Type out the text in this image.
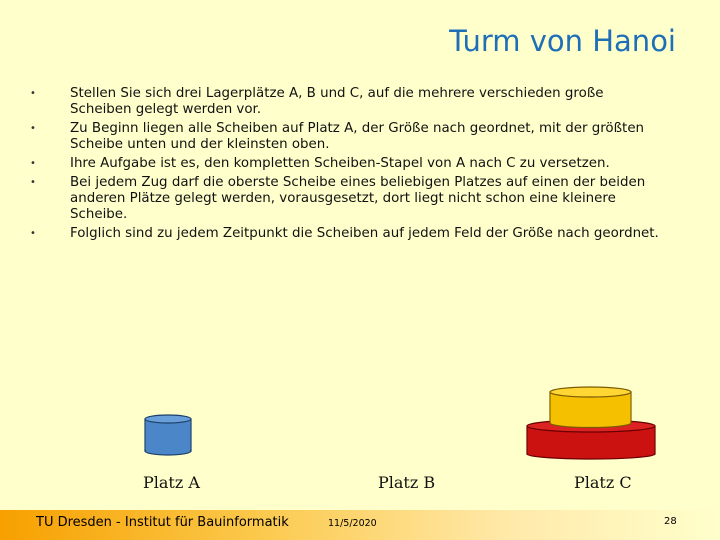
Turm von Hanoi
•	Stellen Sie sich drei Lagerplätze A, B und C, auf die mehrere verschieden große Scheiben gelegt werden vor.
•	Zu Beginn liegen alle Scheiben auf Platz A, der Größe nach geordnet, mit der größten Scheibe unten und der kleinsten oben.
•	Ihre Aufgabe ist es, den kompletten Scheiben-Stapel von A nach C zu versetzen.
•	Bei jedem Zug darf die oberste Scheibe eines beliebigen Platzes auf einen der beiden anderen Plätze gelegt werden, vorausgesetzt, dort liegt nicht schon eine kleinere Scheibe.
•	Folglich sind zu jedem Zeitpunkt die Scheiben auf jedem Feld der Größe nach geordnet.
Platz A	Platz B	Platz C
TU Dresden - Institut für Bauinformatik	11/5/2020	28
